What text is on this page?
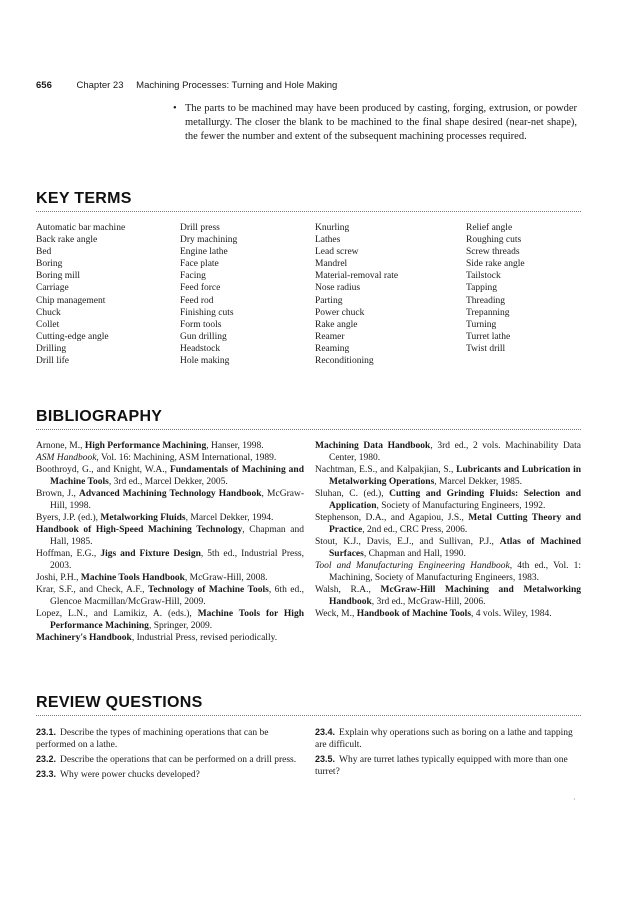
656	Chapter 23 Machining Processes: Turning and Hole Making
• The parts to be machined may have been produced by casting, forging, extrusion, or powder metallurgy. The closer the blank to be machined to the final shape desired (near-net shape), the fewer the number and extent of the subsequent machining processes required.
KEY TERMS
Automatic bar machine
Back rake angle
Bed
Boring
Boring mill
Carriage
Chip management
Chuck
Collet
Cutting-edge angle
Drilling
Drill life
Drill press
Dry machining
Engine lathe
Face plate
Facing
Feed force
Feed rod
Finishing cuts
Form tools
Gun drilling
Headstock
Hole making
Knurling
Lathes
Lead screw
Mandrel
Material-removal rate
Nose radius
Parting
Power chuck
Rake angle
Reamer
Reaming
Reconditioning
Relief angle
Roughing cuts
Screw threads
Side rake angle
Tailstock
Tapping
Threading
Trepanning
Turning
Turret lathe
Twist drill
BIBLIOGRAPHY
Arnone, M., High Performance Machining, Hanser, 1998.
ASM Handbook, Vol. 16: Machining, ASM International, 1989.
Boothroyd, G., and Knight, W.A., Fundamentals of Machining and Machine Tools, 3rd ed., Marcel Dekker, 2005.
Brown, J., Advanced Machining Technology Handbook, McGraw-Hill, 1998.
Byers, J.P. (ed.), Metalworking Fluids, Marcel Dekker, 1994.
Handbook of High-Speed Machining Technology, Chapman and Hall, 1985.
Hoffman, E.G., Jigs and Fixture Design, 5th ed., Industrial Press, 2003.
Joshi, P.H., Machine Tools Handbook, McGraw-Hill, 2008.
Krar, S.F., and Check, A.F., Technology of Machine Tools, 6th ed., Glencoe Macmillan/McGraw-Hill, 2009.
Lopez, L.N., and Lamikiz, A. (eds.), Machine Tools for High Performance Machining, Springer, 2009.
Machinery's Handbook, Industrial Press, revised periodically.
Machining Data Handbook, 3rd ed., 2 vols. Machinability Data Center, 1980.
Nachtman, E.S., and Kalpakjian, S., Lubricants and Lubrication in Metalworking Operations, Marcel Dekker, 1985.
Sluhan, C. (ed.), Cutting and Grinding Fluids: Selection and Application, Society of Manufacturing Engineers, 1992.
Stephenson, D.A., and Agapiou, J.S., Metal Cutting Theory and Practice, 2nd ed., CRC Press, 2006.
Stout, K.J., Davis, E.J., and Sullivan, P.J., Atlas of Machined Surfaces, Chapman and Hall, 1990.
Tool and Manufacturing Engineering Handbook, 4th ed., Vol. 1: Machining, Society of Manufacturing Engineers, 1983.
Walsh, R.A., McGraw-Hill Machining and Metalworking Handbook, 3rd ed., McGraw-Hill, 2006.
Weck, M., Handbook of Machine Tools, 4 vols. Wiley, 1984.
REVIEW QUESTIONS
23.1. Describe the types of machining operations that can be performed on a lathe.
23.2. Describe the operations that can be performed on a drill press.
23.3. Why were power chucks developed?
23.4. Explain why operations such as boring on a lathe and tapping are difficult.
23.5. Why are turret lathes typically equipped with more than one turret?
·
